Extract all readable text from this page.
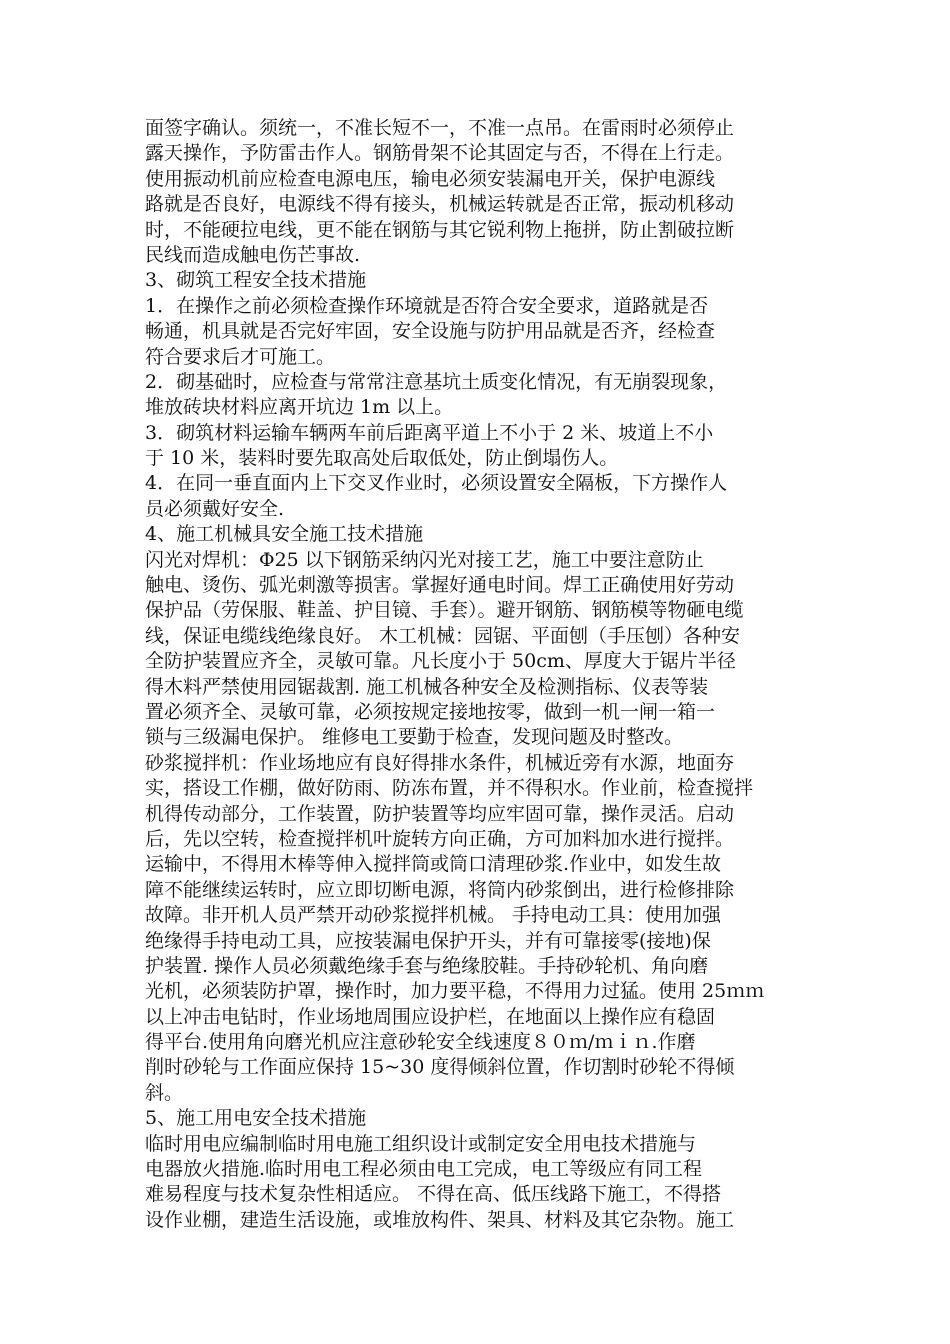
面签字确认。须统一，不准长短不一，不准一点吊。在雷雨时必须停止
露天操作，予防雷击作人。钢筋骨架不论其固定与否，不得在上行走。
使用振动机前应检查电源电压，输电必须安装漏电开关，保护电源线
路就是否良好，电源线不得有接头，机械运转就是否正常，振动机移动
时，不能硬拉电线，更不能在钢筋与其它锐利物上拖拼，防止割破拉断
民线而造成触电伤芒事故.
3、砌筑工程安全技术措施
1．在操作之前必须检查操作环境就是否符合安全要求，道路就是否
畅通，机具就是否完好牢固，安全设施与防护用品就是否齐，经检查
符合要求后才可施工。
2．砌基础时，应检查与常常注意基坑土质变化情况，有无崩裂现象，
堆放砖块材料应离开坑边 1m 以上。
3．砌筑材料运输车辆两车前后距离平道上不小于 2 米、坡道上不小
于 10 米，装料时要先取高处后取低处，防止倒塌伤人。
4．在同一垂直面内上下交叉作业时，必须设置安全隔板，下方操作人
员必须戴好安全.
4、施工机械具安全施工技术措施
闪光对焊机：Φ25 以下钢筋采纳闪光对接工艺，施工中要注意防止
触电、烫伤、弧光刺激等损害。掌握好通电时间。焊工正确使用好劳动
保护品（劳保服、鞋盖、护目镜、手套）。避开钢筋、钢筋模等物砸电缆
线，保证电缆线绝缘良好。 木工机械：园锯、平面刨（手压刨）各种安
全防护装置应齐全，灵敏可靠。凡长度小于 50cm、厚度大于锯片半径
得木料严禁使用园锯裁割. 施工机械各种安全及检测指标、仪表等装
置必须齐全、灵敏可靠，必须按规定接地按零，做到一机一闸一箱一
锁与三级漏电保护。 维修电工要勤于检查，发现问题及时整改。
砂浆搅拌机：作业场地应有良好得排水条件，机械近旁有水源，地面夯
实，搭设工作棚，做好防雨、防冻布置，并不得积水。作业前，检查搅拌
机得传动部分，工作装置，防护装置等均应牢固可靠，操作灵活。启动
后，先以空转，检查搅拌机叶旋转方向正确，方可加料加水进行搅拌。
运输中，不得用木棒等伸入搅拌筒或筒口清理砂浆.作业中，如发生故
障不能继续运转时，应立即切断电源，将筒内砂浆倒出，进行检修排除
故障。非开机人员严禁开动砂浆搅拌机械。 手持电动工具：使用加强
绝缘得手持电动工具，应按装漏电保护开头，并有可靠接零(接地)保
护装置. 操作人员必须戴绝缘手套与绝缘胶鞋。手持砂轮机、角向磨
光机，必须装防护罩，操作时，加力要平稳，不得用力过猛。使用 25ｍｍ
以上冲击电钻时，作业场地周围应设护栏，在地面以上操作应有稳固
得平台.使用角向磨光机应注意砂轮安全线速度８０ｍ/ｍｉｎ.作磨
削时砂轮与工作面应保持 15~30 度得倾斜位置，作切割时砂轮不得倾
斜。
5、施工用电安全技术措施
临时用电应编制临时用电施工组织设计或制定安全用电技术措施与
电器放火措施.临时用电工程必须由电工完成，电工等级应有同工程
难易程度与技术复杂性相适应。 不得在高、低压线路下施工，不得搭
设作业棚，建造生活设施，或堆放构件、架具、材料及其它杂物。施工
